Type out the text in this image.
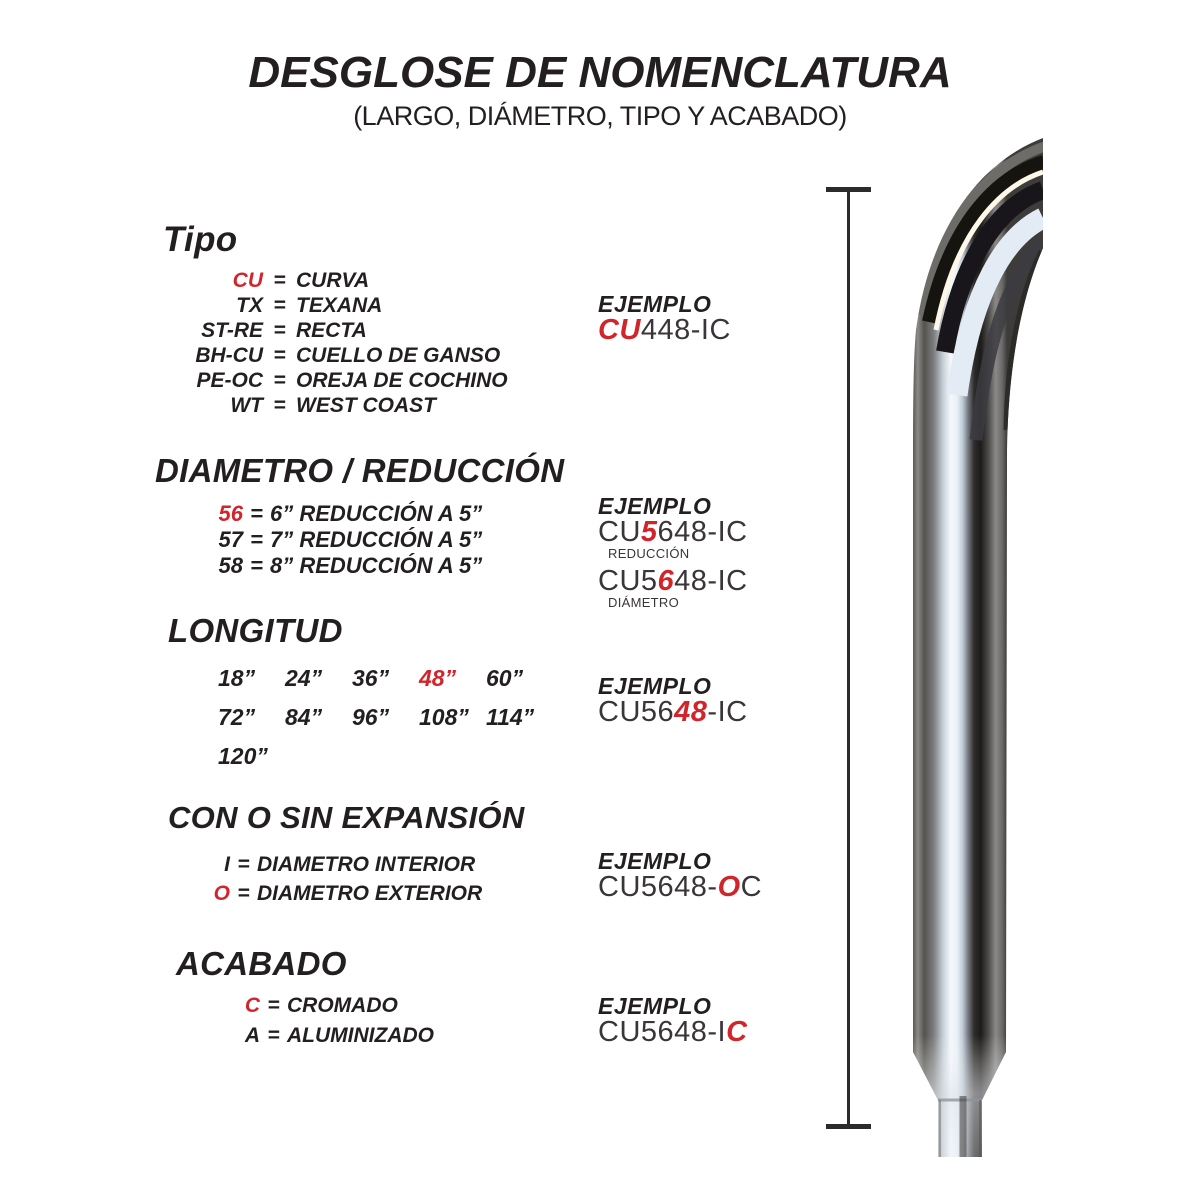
DESGLOSE DE NOMENCLATURA
(LARGO, DIÁMETRO, TIPO Y ACABADO)
Tipo
CU = CURVA
TX = TEXANA
ST-RE = RECTA
BH-CU = CUELLO DE GANSO
PE-OC = OREJA DE COCHINO
WT = WEST COAST
DIAMETRO / REDUCCIÓN
56 = 6” REDUCCIÓN A 5”
57 = 7” REDUCCIÓN A 5”
58 = 8” REDUCCIÓN A 5”
LONGITUD
18”	24”	36”	48”	60”
72”	84”	96”	108” 114”
120”
CON O SIN EXPANSIÓN
I = DIAMETRO INTERIOR
O = DIAMETRO EXTERIOR
ACABADO
C = CROMADO
A = ALUMINIZADO
EJEMPLO
CU448-IC
EJEMPLO
CU5648-IC
REDUCCIÓN
CU5648-IC
DIÁMETRO
EJEMPLO
CU5648-IC
EJEMPLO
CU5648-OC
EJEMPLO
CU5648-IC
